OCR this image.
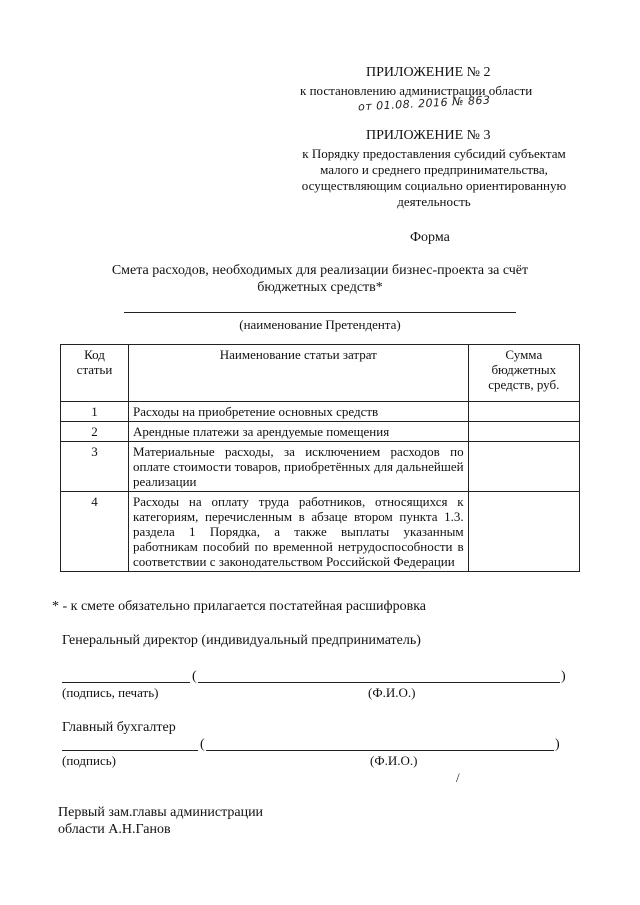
ПРИЛОЖЕНИЕ № 2
к постановлению администрации области
от 01.08. 2016 № 863
ПРИЛОЖЕНИЕ № 3
к Порядку предоставления субсидий субъектам
малого и среднего предпринимательства,
осуществляющим социально ориентированную
деятельность
Форма
Смета расходов, необходимых для реализации бизнес-проекта за счёт
бюджетных средств*
(наименование Претендента)
Код статьи	Наименование статьи затрат	Сумма бюджетных средств, руб.
1	Расходы на приобретение основных средств	
2	Арендные платежи за арендуемые помещения	
3	Материальные расходы, за исключением расходов по оплате стоимости товаров, приобретённых для дальнейшей реализации	
4	Расходы на оплату труда работников, относящихся к категориям, перечисленным в абзаце втором пункта 1.3. раздела 1 Порядка, а также выплаты указанным работникам пособий по временной нетрудоспособности в соответствии с законодательством Российской Федерации	
* - к смете обязательно прилагается постатейная расшифровка
Генеральный директор (индивидуальный предприниматель)
(	)
(подпись, печать)	(Ф.И.О.)
Главный бухгалтер
(	)
(подпись)	(Ф.И.О.)
/
Первый зам.главы администрации
области А.Н.Ганов
